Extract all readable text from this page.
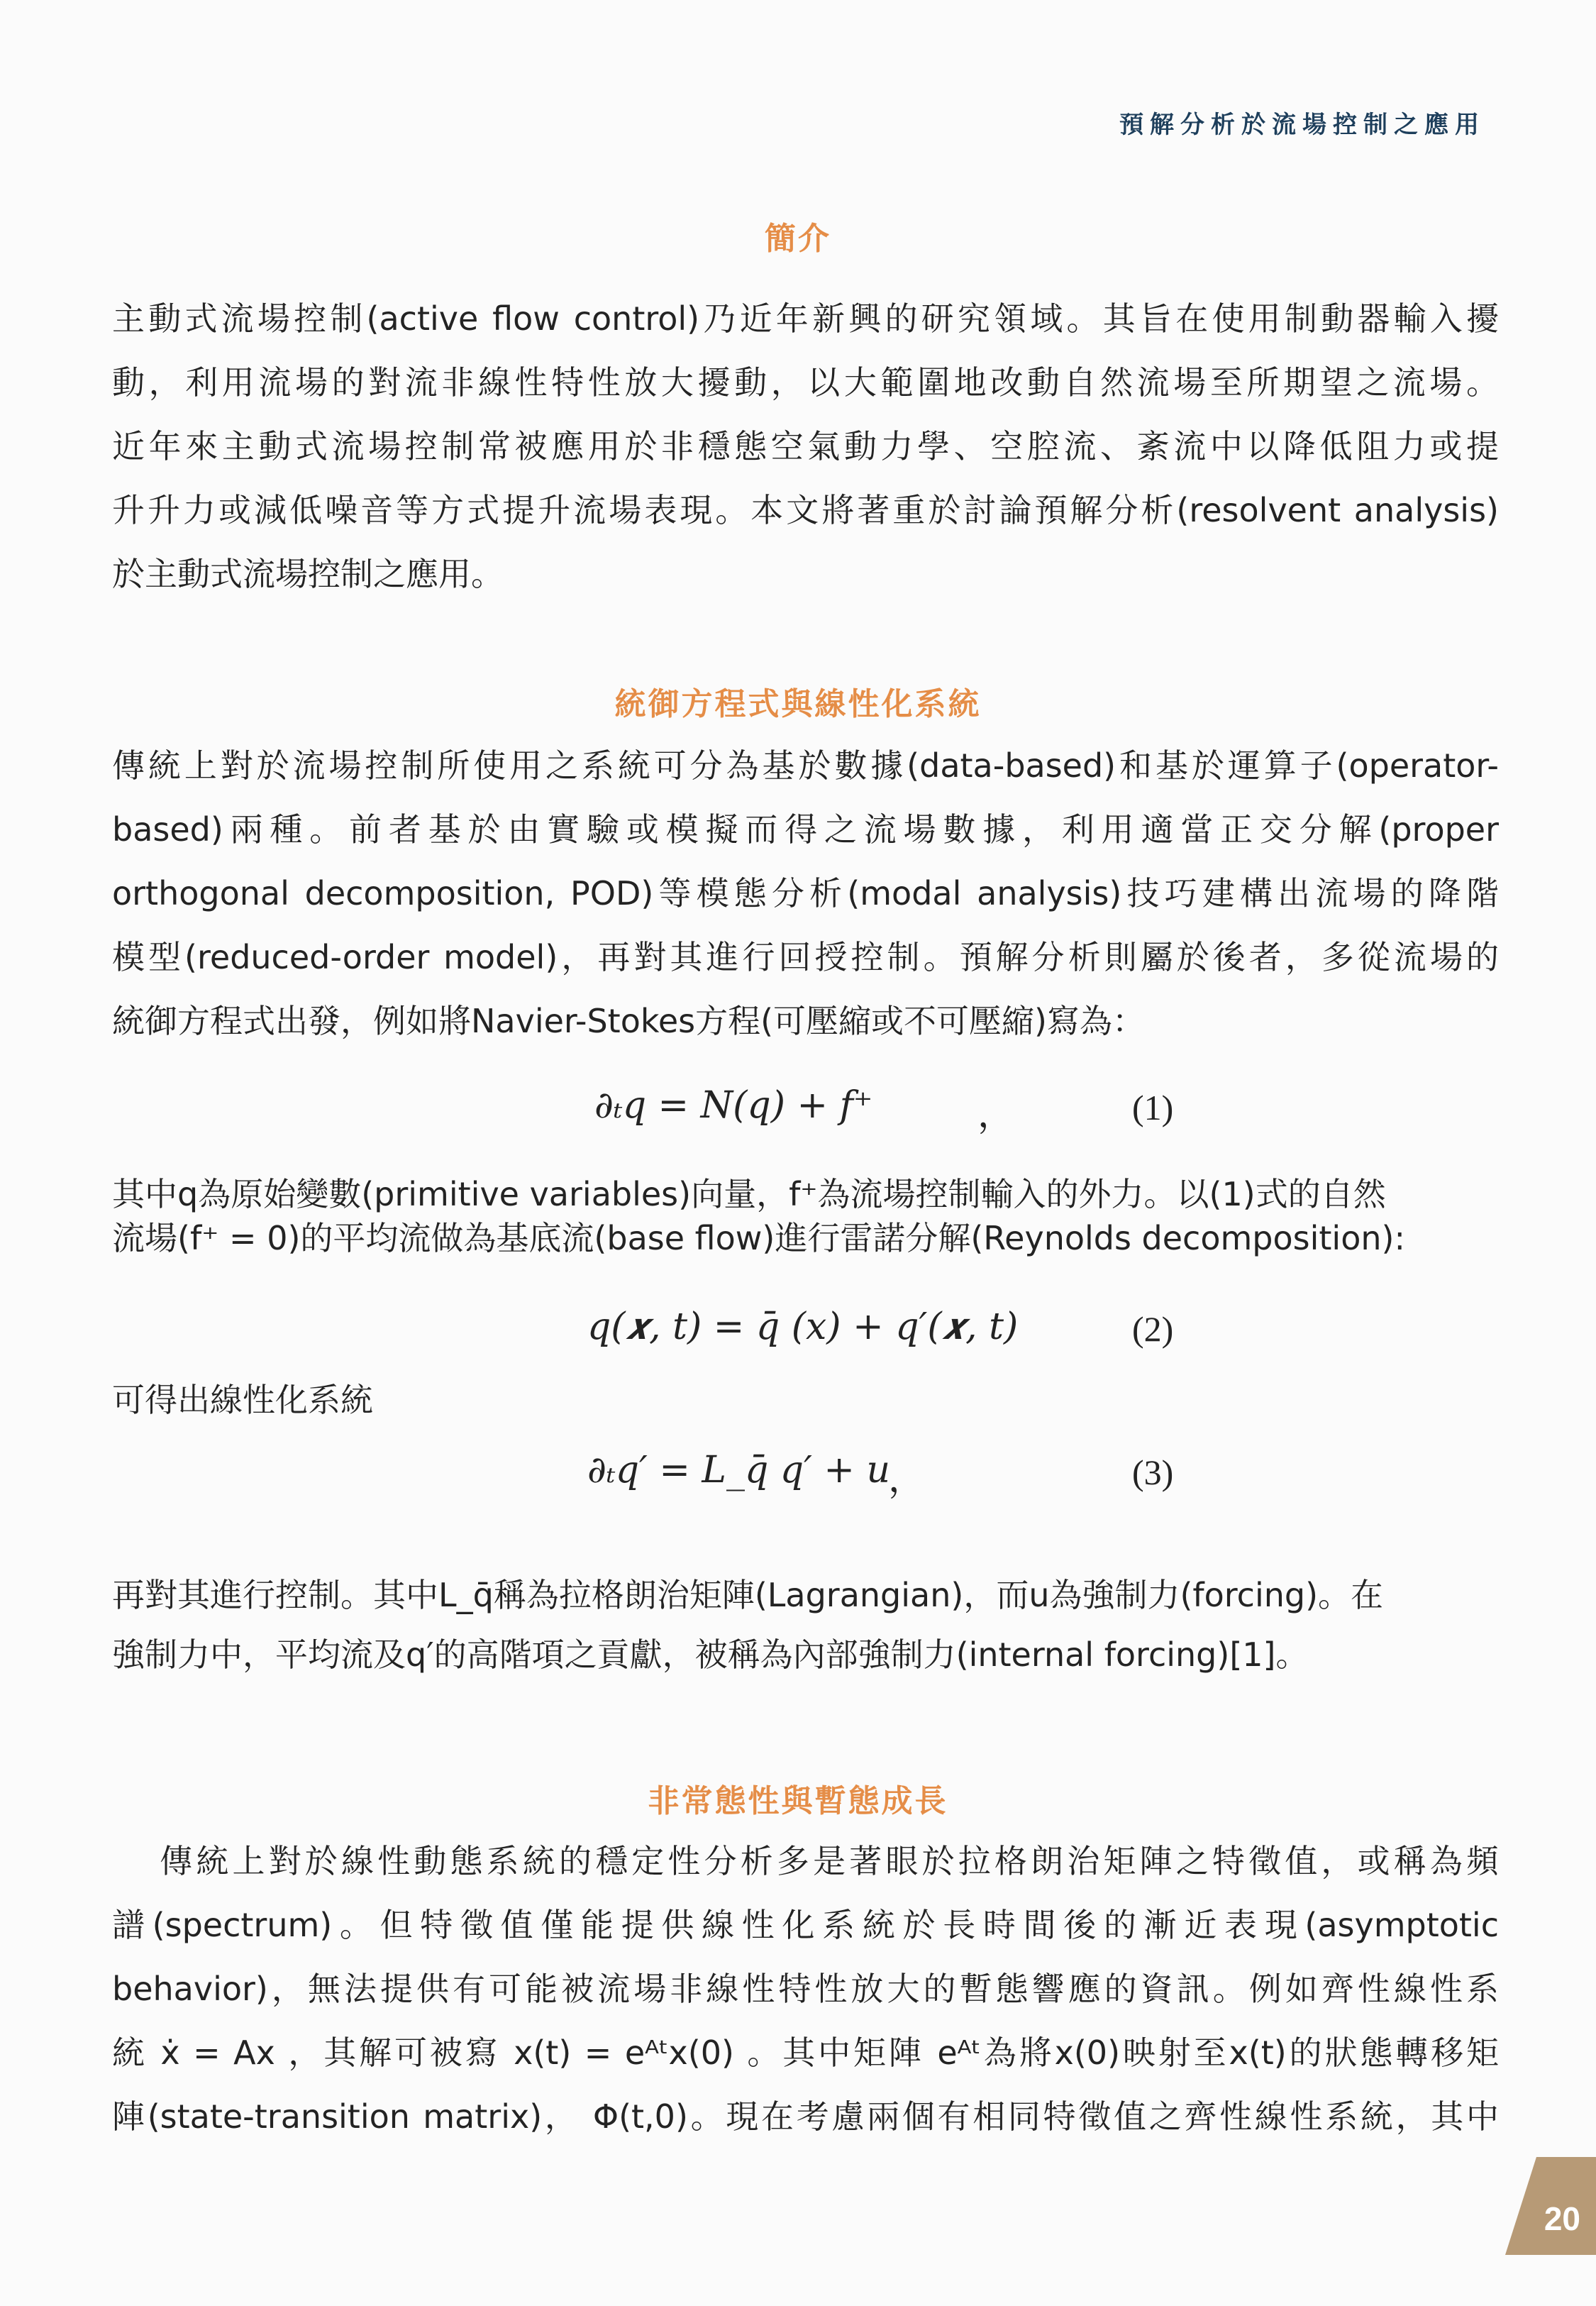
預解分析於流場控制之應用
簡介
主動式流場控制(active flow control)乃近年新興的研究領域。其旨在使用制動器輸入擾
動，利用流場的對流非線性特性放大擾動，以大範圍地改動自然流場至所期望之流場。
近年來主動式流場控制常被應用於非穩態空氣動力學、空腔流、紊流中以降低阻力或提
升升力或減低噪音等方式提升流場表現。本文將著重於討論預解分析(resolvent analysis)
於主動式流場控制之應用。
統御方程式與線性化系統
傳統上對於流場控制所使用之系統可分為基於數據(data-based)和基於運算子(operator-
based)兩種。前者基於由實驗或模擬而得之流場數據，利用適當正交分解(proper
orthogonal decomposition, POD)等模態分析(modal analysis)技巧建構出流場的降階
模型(reduced-order model)，再對其進行回授控制。預解分析則屬於後者，多從流場的
統御方程式出發，例如將Navier-Stokes方程(可壓縮或不可壓縮)寫為：
∂ₜq = N(q) + f⁺	，	(1)
其中q為原始變數(primitive variables)向量，f⁺為流場控制輸入的外力。以(1)式的自然
流場(f⁺ = 0)的平均流做為基底流(base flow)進行雷諾分解(Reynolds decomposition):
q(𝒙, t) = q̄ (x) + q′(𝒙, t)	(2)
可得出線性化系統
∂ₜq′ = L_q̄ q′ + u
，	(3)
再對其進行控制。其中L_q̄稱為拉格朗治矩陣(Lagrangian)，而u為強制力(forcing)。在
強制力中，平均流及q′的高階項之貢獻，被稱為內部強制力(internal forcing)[1]。
非常態性與暫態成長
傳統上對於線性動態系統的穩定性分析多是著眼於拉格朗治矩陣之特徵值，或稱為頻
譜(spectrum)。但特徵值僅能提供線性化系統於長時間後的漸近表現(asymptotic
behavior)，無法提供有可能被流場非線性特性放大的暫態響應的資訊。例如齊性線性系
統 ẋ = Ax ，其解可被寫 x(t) = eᴬᵗx(0) 。其中矩陣 eᴬᵗ為將x(0)映射至x(t)的狀態轉移矩
陣(state-transition matrix)， Φ(t,0)。現在考慮兩個有相同特徵值之齊性線性系統，其中
20
